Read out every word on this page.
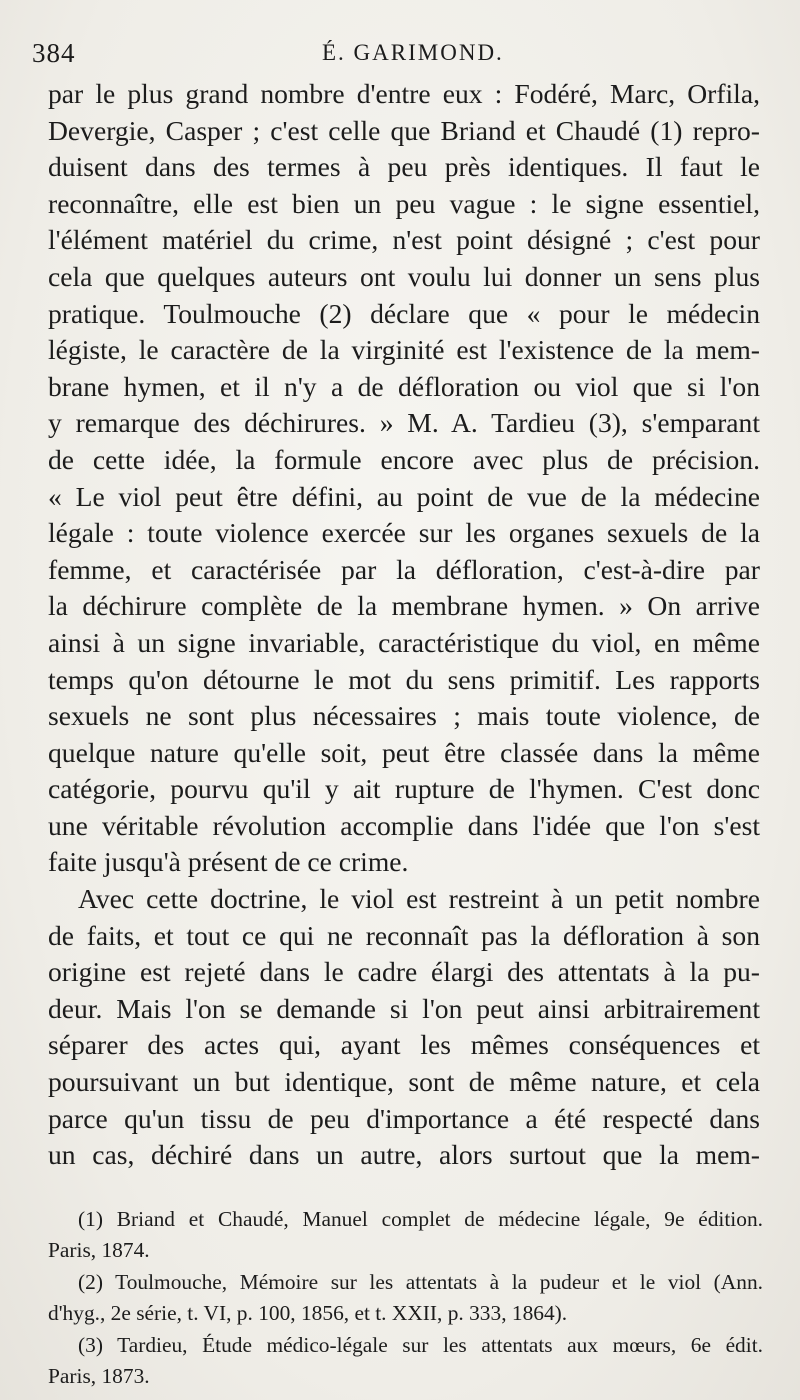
384	É. GARIMOND.
par le plus grand nombre d'entre eux : Fodéré, Marc, Orfila,
Devergie, Casper ; c'est celle que Briand et Chaudé (1) repro-
duisent dans des termes à peu près identiques. Il faut le
reconnaître, elle est bien un peu vague : le signe essentiel,
l'élément matériel du crime, n'est point désigné ; c'est pour
cela que quelques auteurs ont voulu lui donner un sens plus
pratique. Toulmouche (2) déclare que « pour le médecin
légiste, le caractère de la virginité est l'existence de la mem-
brane hymen, et il n'y a de défloration ou viol que si l'on
y remarque des déchirures. » M. A. Tardieu (3), s'emparant
de cette idée, la formule encore avec plus de précision.
« Le viol peut être défini, au point de vue de la médecine
légale : toute violence exercée sur les organes sexuels de la
femme, et caractérisée par la défloration, c'est-à-dire par
la déchirure complète de la membrane hymen. » On arrive
ainsi à un signe invariable, caractéristique du viol, en même
temps qu'on détourne le mot du sens primitif. Les rapports
sexuels ne sont plus nécessaires ; mais toute violence, de
quelque nature qu'elle soit, peut être classée dans la même
catégorie, pourvu qu'il y ait rupture de l'hymen. C'est donc
une véritable révolution accomplie dans l'idée que l'on s'est
faite jusqu'à présent de ce crime.
Avec cette doctrine, le viol est restreint à un petit nombre
de faits, et tout ce qui ne reconnaît pas la défloration à son
origine est rejeté dans le cadre élargi des attentats à la pu-
deur. Mais l'on se demande si l'on peut ainsi arbitrairement
séparer des actes qui, ayant les mêmes conséquences et
poursuivant un but identique, sont de même nature, et cela
parce qu'un tissu de peu d'importance a été respecté dans
un cas, déchiré dans un autre, alors surtout que la mem-
(1) Briand et Chaudé, Manuel complet de médecine légale, 9e édition.
Paris, 1874.
(2) Toulmouche, Mémoire sur les attentats à la pudeur et le viol (Ann.
d'hyg., 2e série, t. VI, p. 100, 1856, et t. XXII, p. 333, 1864).
(3) Tardieu, Étude médico-légale sur les attentats aux mœurs, 6e édit.
Paris, 1873.
